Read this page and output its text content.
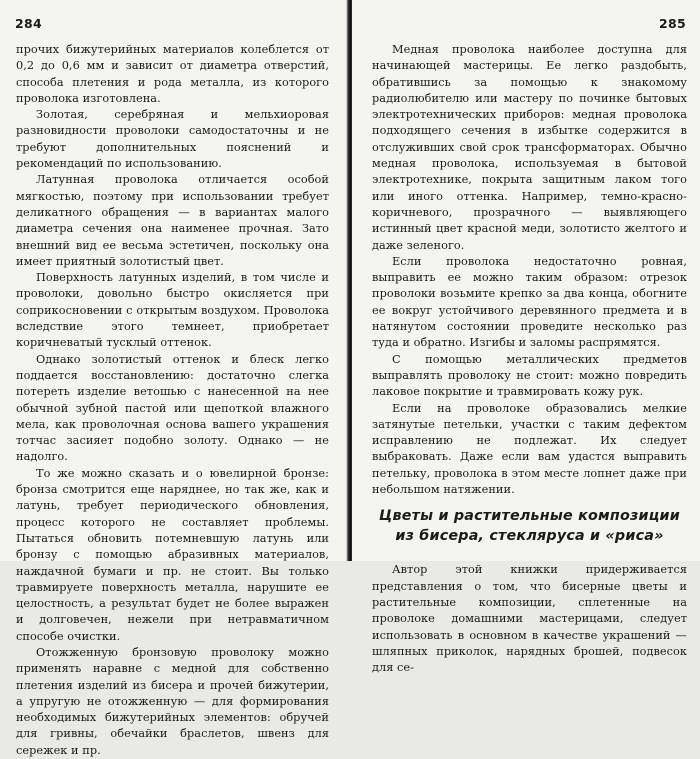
284

прочих бижутерийных материалов колеблется от 0,2 до 0,6 мм и зависит от диаметра отверстий, способа плетения и рода металла, из которого проволока изготовлена.

Золотая, серебряная и мельхиоровая разновидности проволоки самодостаточны и не требуют дополнительных пояснений и рекомендаций по использованию.

Латунная проволока отличается особой мягкостью, поэтому при использовании требует деликатного обращения — в вариантах малого диаметра сечения она наименее прочная. Зато внешний вид ее весьма эстетичен, поскольку она имеет приятный золотистый цвет.

Поверхность латунных изделий, в том числе и проволоки, довольно быстро окисляется при соприкосновении с открытым воздухом. Проволока вследствие этого темнеет, приобретает коричневатый тусклый оттенок.

Однако золотистый оттенок и блеск легко поддается восстановлению: достаточно слегка потереть изделие ветошью с нанесенной на нее обычной зубной пастой или щепоткой влажного мела, как проволочная основа вашего украшения тотчас засияет подобно золоту. Однако — не надолго.

То же можно сказать и о ювелирной бронзе: бронза смотрится еще наряднее, но так же, как и латунь, требует периодического обновления, процесс которого не составляет проблемы. Пытаться обновить потемневшую латунь или бронзу с помощью абразивных материалов, наждачной бумаги и пр. не стоит. Вы только травмируете поверхность металла, нарушите ее целостность, а результат будет не более выражен и долговечен, нежели при нетравматичном способе очистки.

Отожженную бронзовую проволоку можно применять наравне с медной для собственно плетения изделий из бисера и прочей бижутерии, а упругую не отожженную — для формирования необходимых бижутерийных элементов: обручей для гривны, обечайки браслетов, швенз для сережек и пр.

285

Медная проволока наиболее доступна для начинающей мастерицы. Ее легко раздобыть, обратившись за помощью к знакомому радиолюбителю или мастеру по починке бытовых электротехнических приборов: медная проволока подходящего сечения в избытке содержится в отслуживших свой срок трансформаторах. Обычно медная проволока, используемая в бытовой электротехнике, покрыта защитным лаком того или иного оттенка. Например, темно-красно-коричневого, прозрачного — выявляющего истинный цвет красной меди, золотисто желтого и даже зеленого.

Если проволока недостаточно ровная, выправить ее можно таким образом: отрезок проволоки возьмите крепко за два конца, обогните ее вокруг устойчивого деревянного предмета и в натянутом состоянии проведите несколько раз туда и обратно. Изгибы и заломы распрямятся.

С помощью металлических предметов выправлять проволоку не стоит: можно повредить лаковое покрытие и травмировать кожу рук.

Если на проволоке образовались мелкие затянутые петельки, участки с таким дефектом исправлению не подлежат. Их следует выбраковать. Даже если вам удастся выправить петельку, проволока в этом месте лопнет даже при небольшом натяжении.

Цветы и растительные композиции
из бисера, стекляруса и «риса»

Автор этой книжки придерживается представления о том, что бисерные цветы и растительные композиции, сплетенные на проволоке домашними мастерицами, следует использовать в основном в качестве украшений — шляпных приколок, нарядных брошей, подвесок для се-
